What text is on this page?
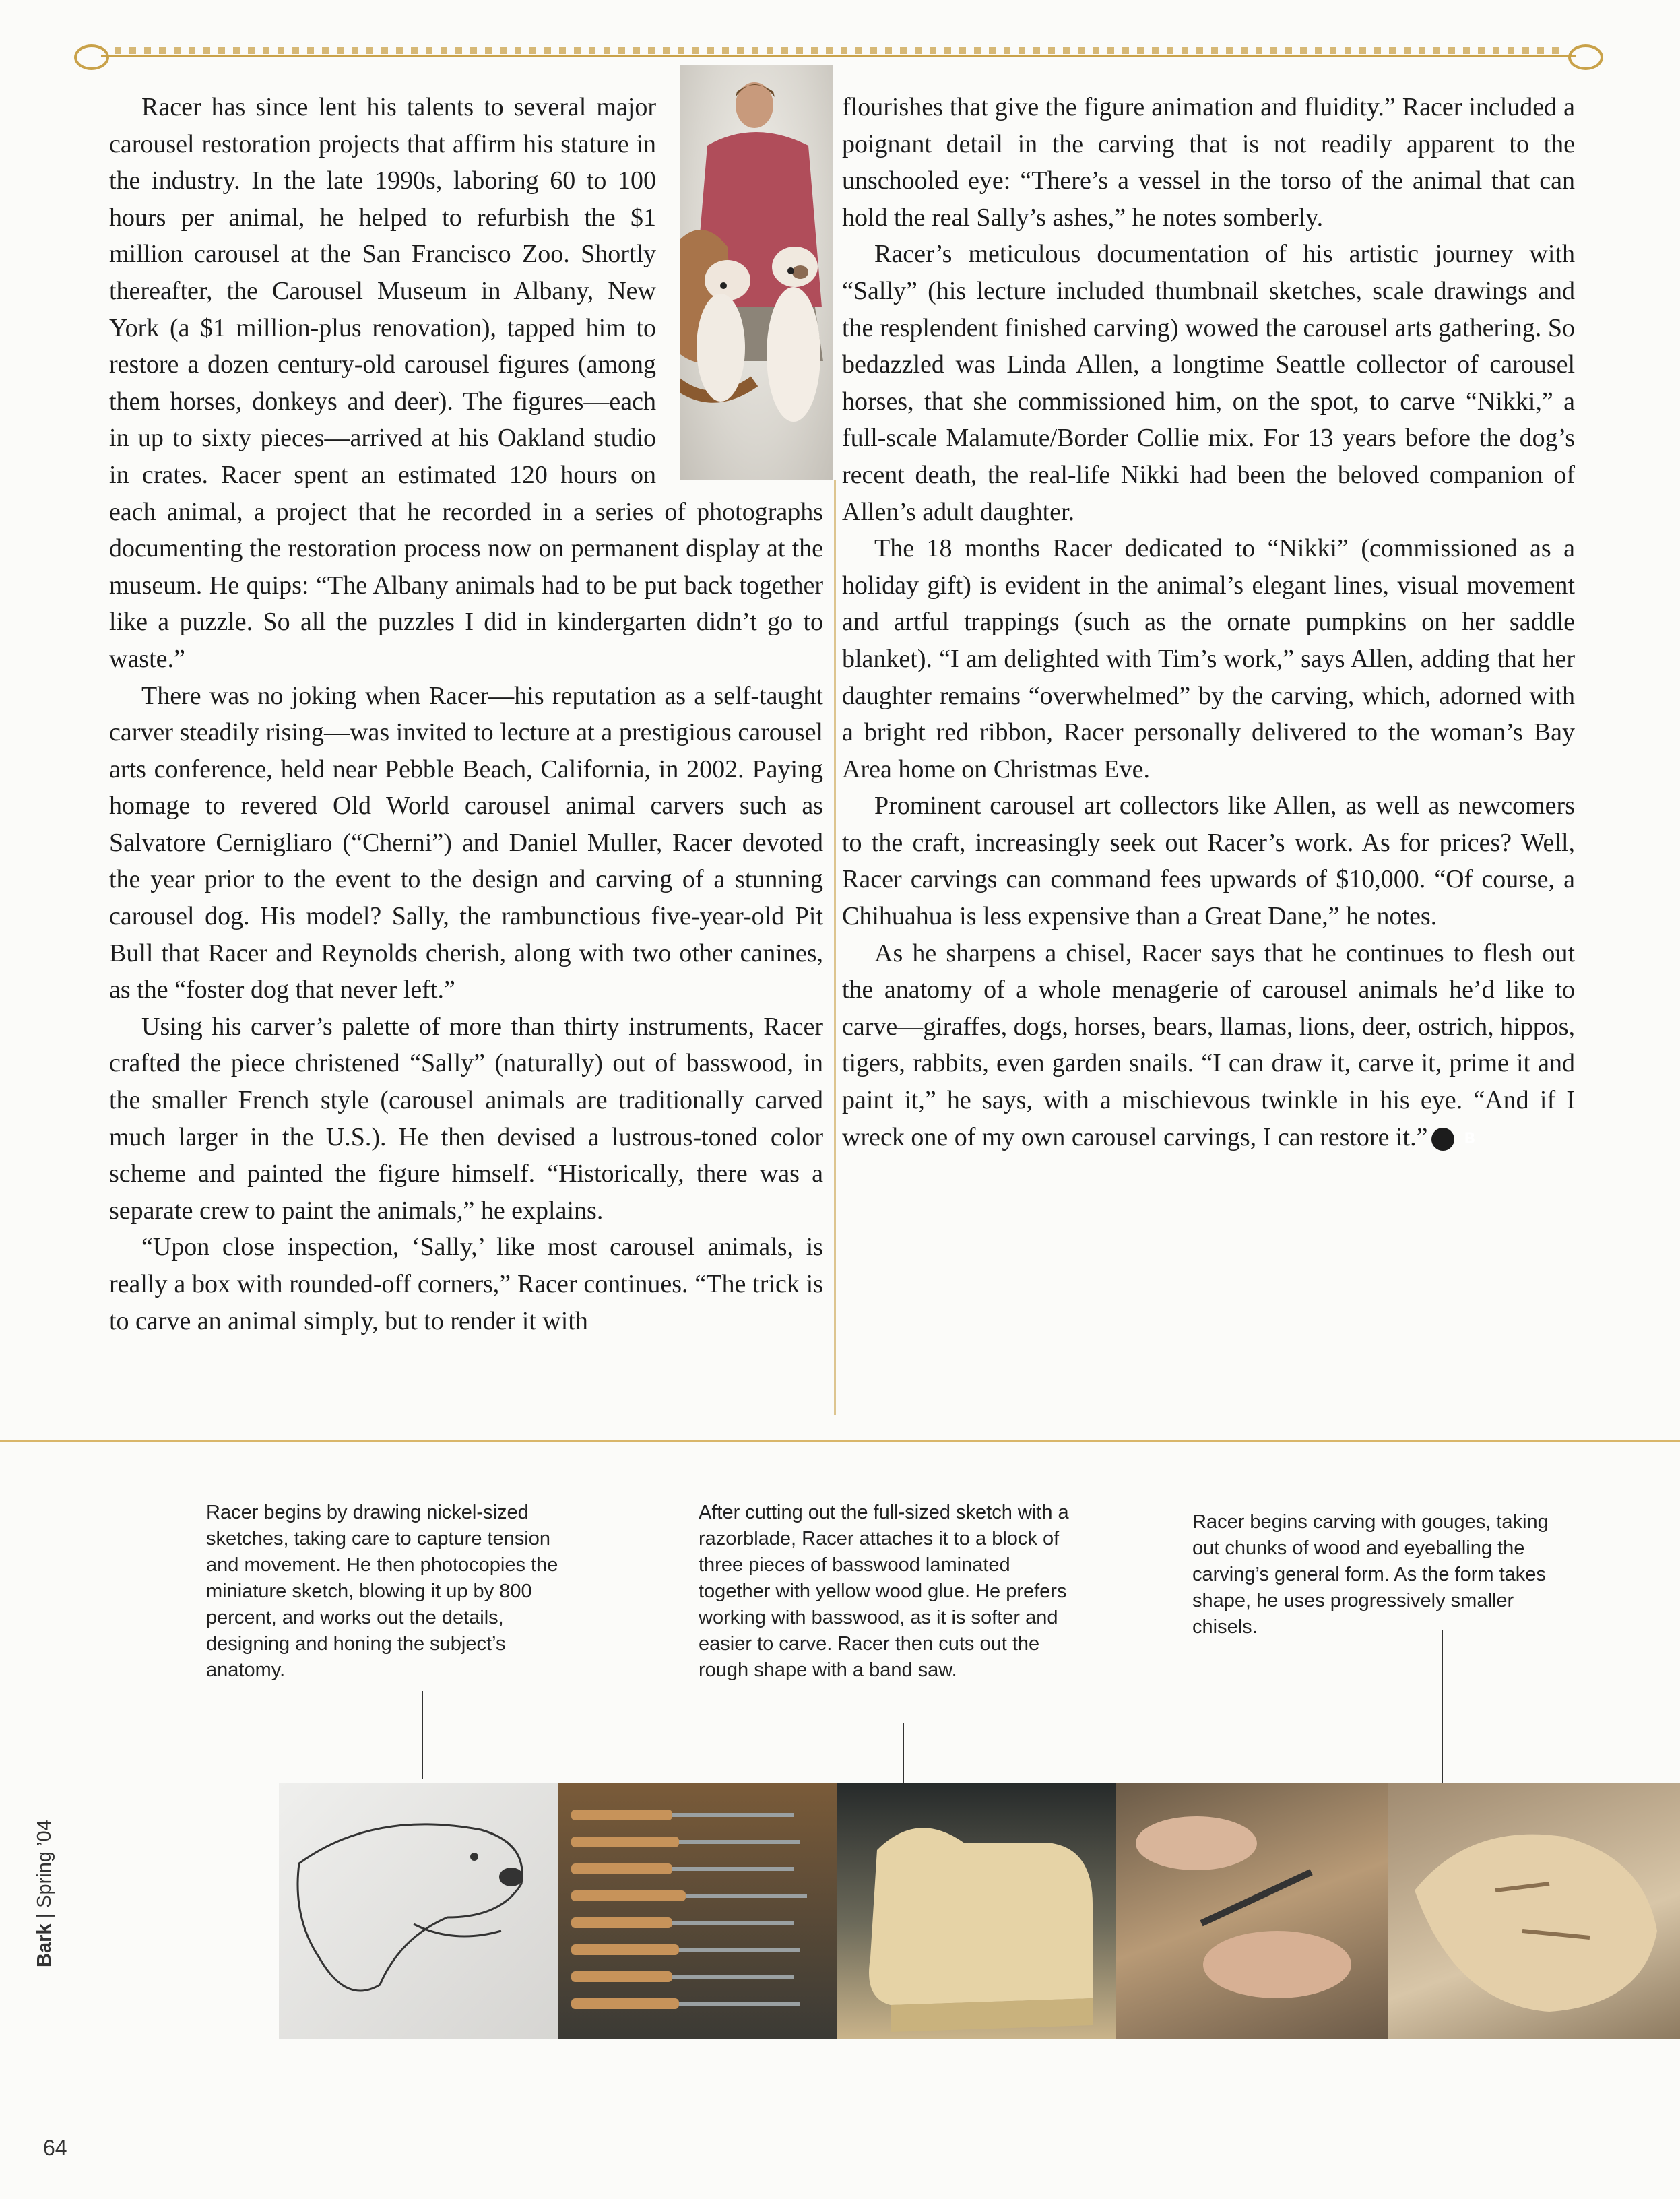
Racer has since lent his talents to several major carousel restoration projects that affirm his stature in the industry. In the late 1990s, laboring 60 to 100 hours per animal, he helped to refurbish the $1 million carousel at the San Francisco Zoo. Shortly thereafter, the Carousel Museum in Albany, New York (a $1 million-plus renovation), tapped him to restore a dozen century-old carousel figures (among them horses, donkeys and deer). The figures—each in up to sixty pieces—arrived at his Oakland studio in crates. Racer spent an estimated 120 hours on each animal, a project that he recorded in a series of photographs documenting the restoration process now on permanent display at the museum. He quips: “The Albany animals had to be put back together like a puzzle. So all the puzzles I did in kindergarten didn’t go to waste.”

There was no joking when Racer—his reputation as a self-taught carver steadily rising—was invited to lecture at a prestigious carousel arts conference, held near Pebble Beach, California, in 2002. Paying homage to revered Old World carousel animal carvers such as Salvatore Cernigliaro (“Cherni”) and Daniel Muller, Racer devoted the year prior to the event to the design and carving of a stunning carousel dog. His model? Sally, the rambunctious five-year-old Pit Bull that Racer and Reynolds cherish, along with two other canines, as the “foster dog that never left.”

Using his carver’s palette of more than thirty instruments, Racer crafted the piece christened “Sally” (naturally) out of basswood, in the smaller French style (carousel animals are traditionally carved much larger in the U.S.). He then devised a lustrous-toned color scheme and painted the figure himself. “Historically, there was a separate crew to paint the animals,” he explains.

“Upon close inspection, ‘Sally,’ like most carousel animals, is really a box with rounded-off corners,” Racer continues. “The trick is to carve an animal simply, but to render it with

flourishes that give the figure animation and fluidity.” Racer included a poignant detail in the carving that is not readily apparent to the unschooled eye: “There’s a vessel in the torso of the animal that can hold the real Sally’s ashes,” he notes somberly.

Racer’s meticulous documentation of his artistic journey with “Sally” (his lecture included thumbnail sketches, scale drawings and the resplendent finished carving) wowed the carousel arts gathering. So bedazzled was Linda Allen, a longtime Seattle collector of carousel horses, that she commissioned him, on the spot, to carve “Nikki,” a full-scale Malamute/Border Collie mix. For 13 years before the dog’s recent death, the real-life Nikki had been the beloved companion of Allen’s adult daughter.

The 18 months Racer dedicated to “Nikki” (commissioned as a holiday gift) is evident in the animal’s elegant lines, visual movement and artful trappings (such as the ornate pumpkins on her saddle blanket). “I am delighted with Tim’s work,” says Allen, adding that her daughter remains “overwhelmed” by the carving, which, adorned with a bright red ribbon, Racer personally delivered to the woman’s Bay Area home on Christmas Eve.

Prominent carousel art collectors like Allen, as well as newcomers to the craft, increasingly seek out Racer’s work. As for prices? Well, Racer carvings can command fees upwards of $10,000. “Of course, a Chihuahua is less expensive than a Great Dane,” he notes.

As he sharpens a chisel, Racer says that he continues to flesh out the anatomy of a whole menagerie of carousel animals he’d like to carve—giraffes, dogs, horses, bears, llamas, lions, deer, ostrich, hippos, tigers, rabbits, even garden snails. “I can draw it, carve it, prime it and paint it,” he says, with a mischievous twinkle in his eye. “And if I wreck one of my own carousel carvings, I can restore it.” B

Racer begins by drawing nickel-sized sketches, taking care to capture tension and movement. He then photocopies the miniature sketch, blowing it up by 800 percent, and works out the details, designing and honing the subject’s anatomy.
After cutting out the full-sized sketch with a razorblade, Racer attaches it to a block of three pieces of basswood laminated together with yellow wood glue. He prefers working with basswood, as it is softer and easier to carve. Racer then cuts out the rough shape with a band saw.
Racer begins carving with gouges, taking out chunks of wood and eyeballing the carving’s general form. As the form takes shape, he uses progressively smaller chisels.
Bark | Spring ’04
64
